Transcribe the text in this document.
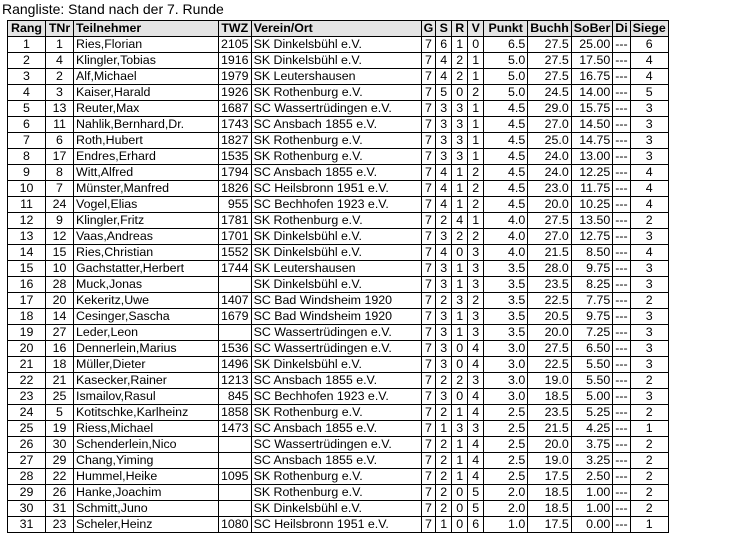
Rangliste: Stand nach der 7. Runde
Rang	TNr	Teilnehmer	TWZ	Verein/Ort	G	S	R	V	Punkt	Buchh	SoBer	Di	Siege
1	1	Ries,Florian	2105	SK Dinkelsbühl e.V.	7	6	1	0	6.5	27.5	25.00	---	6
2	4	Klingler,Tobias	1916	SK Dinkelsbühl e.V.	7	4	2	1	5.0	27.5	17.50	---	4
3	2	Alf,Michael	1979	SK Leutershausen	7	4	2	1	5.0	27.5	16.75	---	4
4	3	Kaiser,Harald	1926	SK Rothenburg e.V.	7	5	0	2	5.0	24.5	14.00	---	5
5	13	Reuter,Max	1687	SC Wassertrüdingen e.V.	7	3	3	1	4.5	29.0	15.75	---	3
6	11	Nahlik,Bernhard,Dr.	1743	SC Ansbach 1855 e.V.	7	3	3	1	4.5	27.0	14.50	---	3
7	6	Roth,Hubert	1827	SK Rothenburg e.V.	7	3	3	1	4.5	25.0	14.75	---	3
8	17	Endres,Erhard	1535	SK Rothenburg e.V.	7	3	3	1	4.5	24.0	13.00	---	3
9	8	Witt,Alfred	1794	SC Ansbach 1855 e.V.	7	4	1	2	4.5	24.0	12.25	---	4
10	7	Münster,Manfred	1826	SC Heilsbronn 1951 e.V.	7	4	1	2	4.5	23.0	11.75	---	4
11	24	Vogel,Elias	955	SC Bechhofen 1923 e.V.	7	4	1	2	4.5	20.0	10.25	---	4
12	9	Klingler,Fritz	1781	SK Rothenburg e.V.	7	2	4	1	4.0	27.5	13.50	---	2
13	12	Vaas,Andreas	1701	SK Dinkelsbühl e.V.	7	3	2	2	4.0	27.0	12.75	---	3
14	15	Ries,Christian	1552	SK Dinkelsbühl e.V.	7	4	0	3	4.0	21.5	8.50	---	4
15	10	Gachstatter,Herbert	1744	SK Leutershausen	7	3	1	3	3.5	28.0	9.75	---	3
16	28	Muck,Jonas		SK Dinkelsbühl e.V.	7	3	1	3	3.5	23.5	8.25	---	3
17	20	Kekeritz,Uwe	1407	SC Bad Windsheim 1920	7	2	3	2	3.5	22.5	7.75	---	2
18	14	Cesinger,Sascha	1679	SC Bad Windsheim 1920	7	3	1	3	3.5	20.5	9.75	---	3
19	27	Leder,Leon		SC Wassertrüdingen e.V.	7	3	1	3	3.5	20.0	7.25	---	3
20	16	Dennerlein,Marius	1536	SC Wassertrüdingen e.V.	7	3	0	4	3.0	27.5	6.50	---	3
21	18	Müller,Dieter	1496	SK Dinkelsbühl e.V.	7	3	0	4	3.0	22.5	5.50	---	3
22	21	Kasecker,Rainer	1213	SC Ansbach 1855 e.V.	7	2	2	3	3.0	19.0	5.50	---	2
23	25	Ismailov,Rasul	845	SC Bechhofen 1923 e.V.	7	3	0	4	3.0	18.5	5.00	---	3
24	5	Kotitschke,Karlheinz	1858	SK Rothenburg e.V.	7	2	1	4	2.5	23.5	5.25	---	2
25	19	Riess,Michael	1473	SC Ansbach 1855 e.V.	7	1	3	3	2.5	21.5	4.25	---	1
26	30	Schenderlein,Nico		SC Wassertrüdingen e.V.	7	2	1	4	2.5	20.0	3.75	---	2
27	29	Chang,Yiming		SC Ansbach 1855 e.V.	7	2	1	4	2.5	19.0	3.25	---	2
28	22	Hummel,Heike	1095	SK Rothenburg e.V.	7	2	1	4	2.5	17.5	2.50	---	2
29	26	Hanke,Joachim		SK Rothenburg e.V.	7	2	0	5	2.0	18.5	1.00	---	2
30	31	Schmitt,Juno		SK Dinkelsbühl e.V.	7	2	0	5	2.0	18.5	1.00	---	2
31	23	Scheler,Heinz	1080	SC Heilsbronn 1951 e.V.	7	1	0	6	1.0	17.5	0.00	---	1
